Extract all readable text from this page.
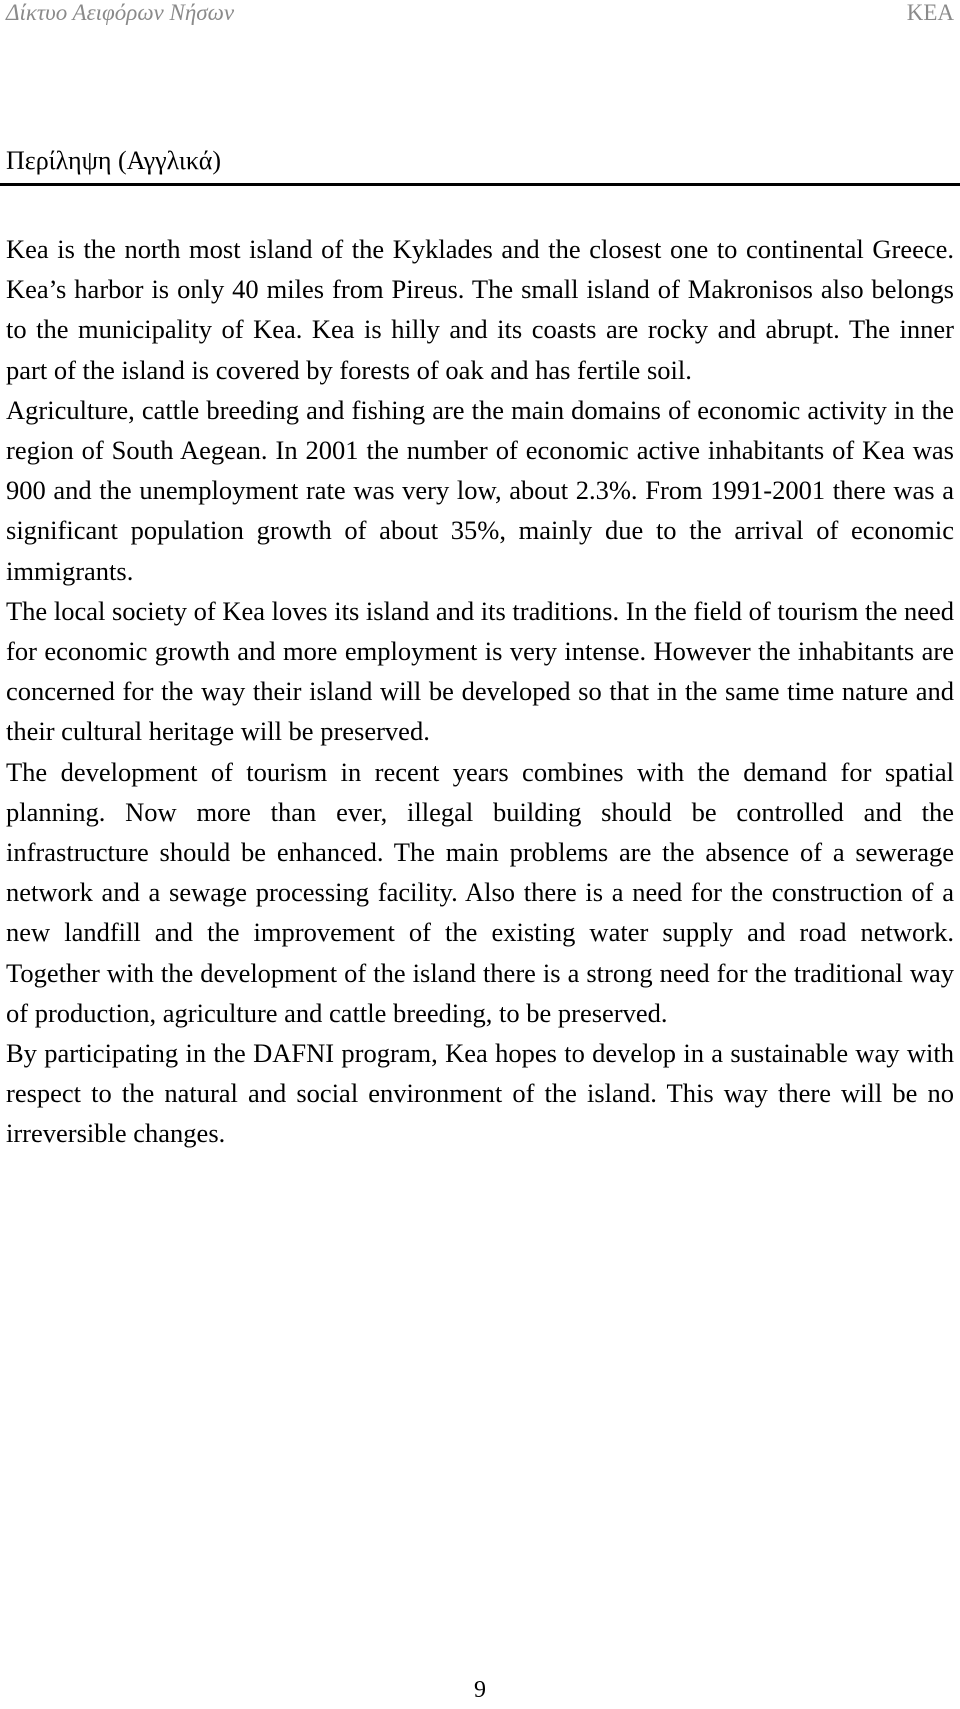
Δίκτυο Αειφόρων Νήσων	ΚΕΑ
Περίληψη (Αγγλικά)

Kea is the north most island of the Kyklades and the closest one to continental Greece. Kea’s harbor is only 40 miles from Pireus. The small island of Makronisos also belongs to the municipality of Kea. Kea is hilly and its coasts are rocky and abrupt. The inner part of the island is covered by forests of oak and has fertile soil.

Agriculture, cattle breeding and fishing are the main domains of economic activity in the region of South Aegean. In 2001 the number of economic active inhabitants of Kea was 900 and the unemployment rate was very low, about 2.3%. From 1991-2001 there was a significant population growth of about 35%, mainly due to the arrival of economic immigrants.

The local society of Kea loves its island and its traditions. In the field of tourism the need for economic growth and more employment is very intense. However the inhabitants are concerned for the way their island will be developed so that in the same time nature and their cultural heritage will be preserved.

The development of tourism in recent years combines with the demand for spatial planning. Now more than ever, illegal building should be controlled and the infrastructure should be enhanced. The main problems are the absence of a sewerage network and a sewage processing facility. Also there is a need for the construction of a new landfill and the improvement of the existing water supply and road network. Together with the development of the island there is a strong need for the traditional way of production, agriculture and cattle breeding, to be preserved.

By participating in the DAFNI program, Kea hopes to develop in a sustainable way with respect to the natural and social environment of the island. This way there will be no irreversible changes.

9
